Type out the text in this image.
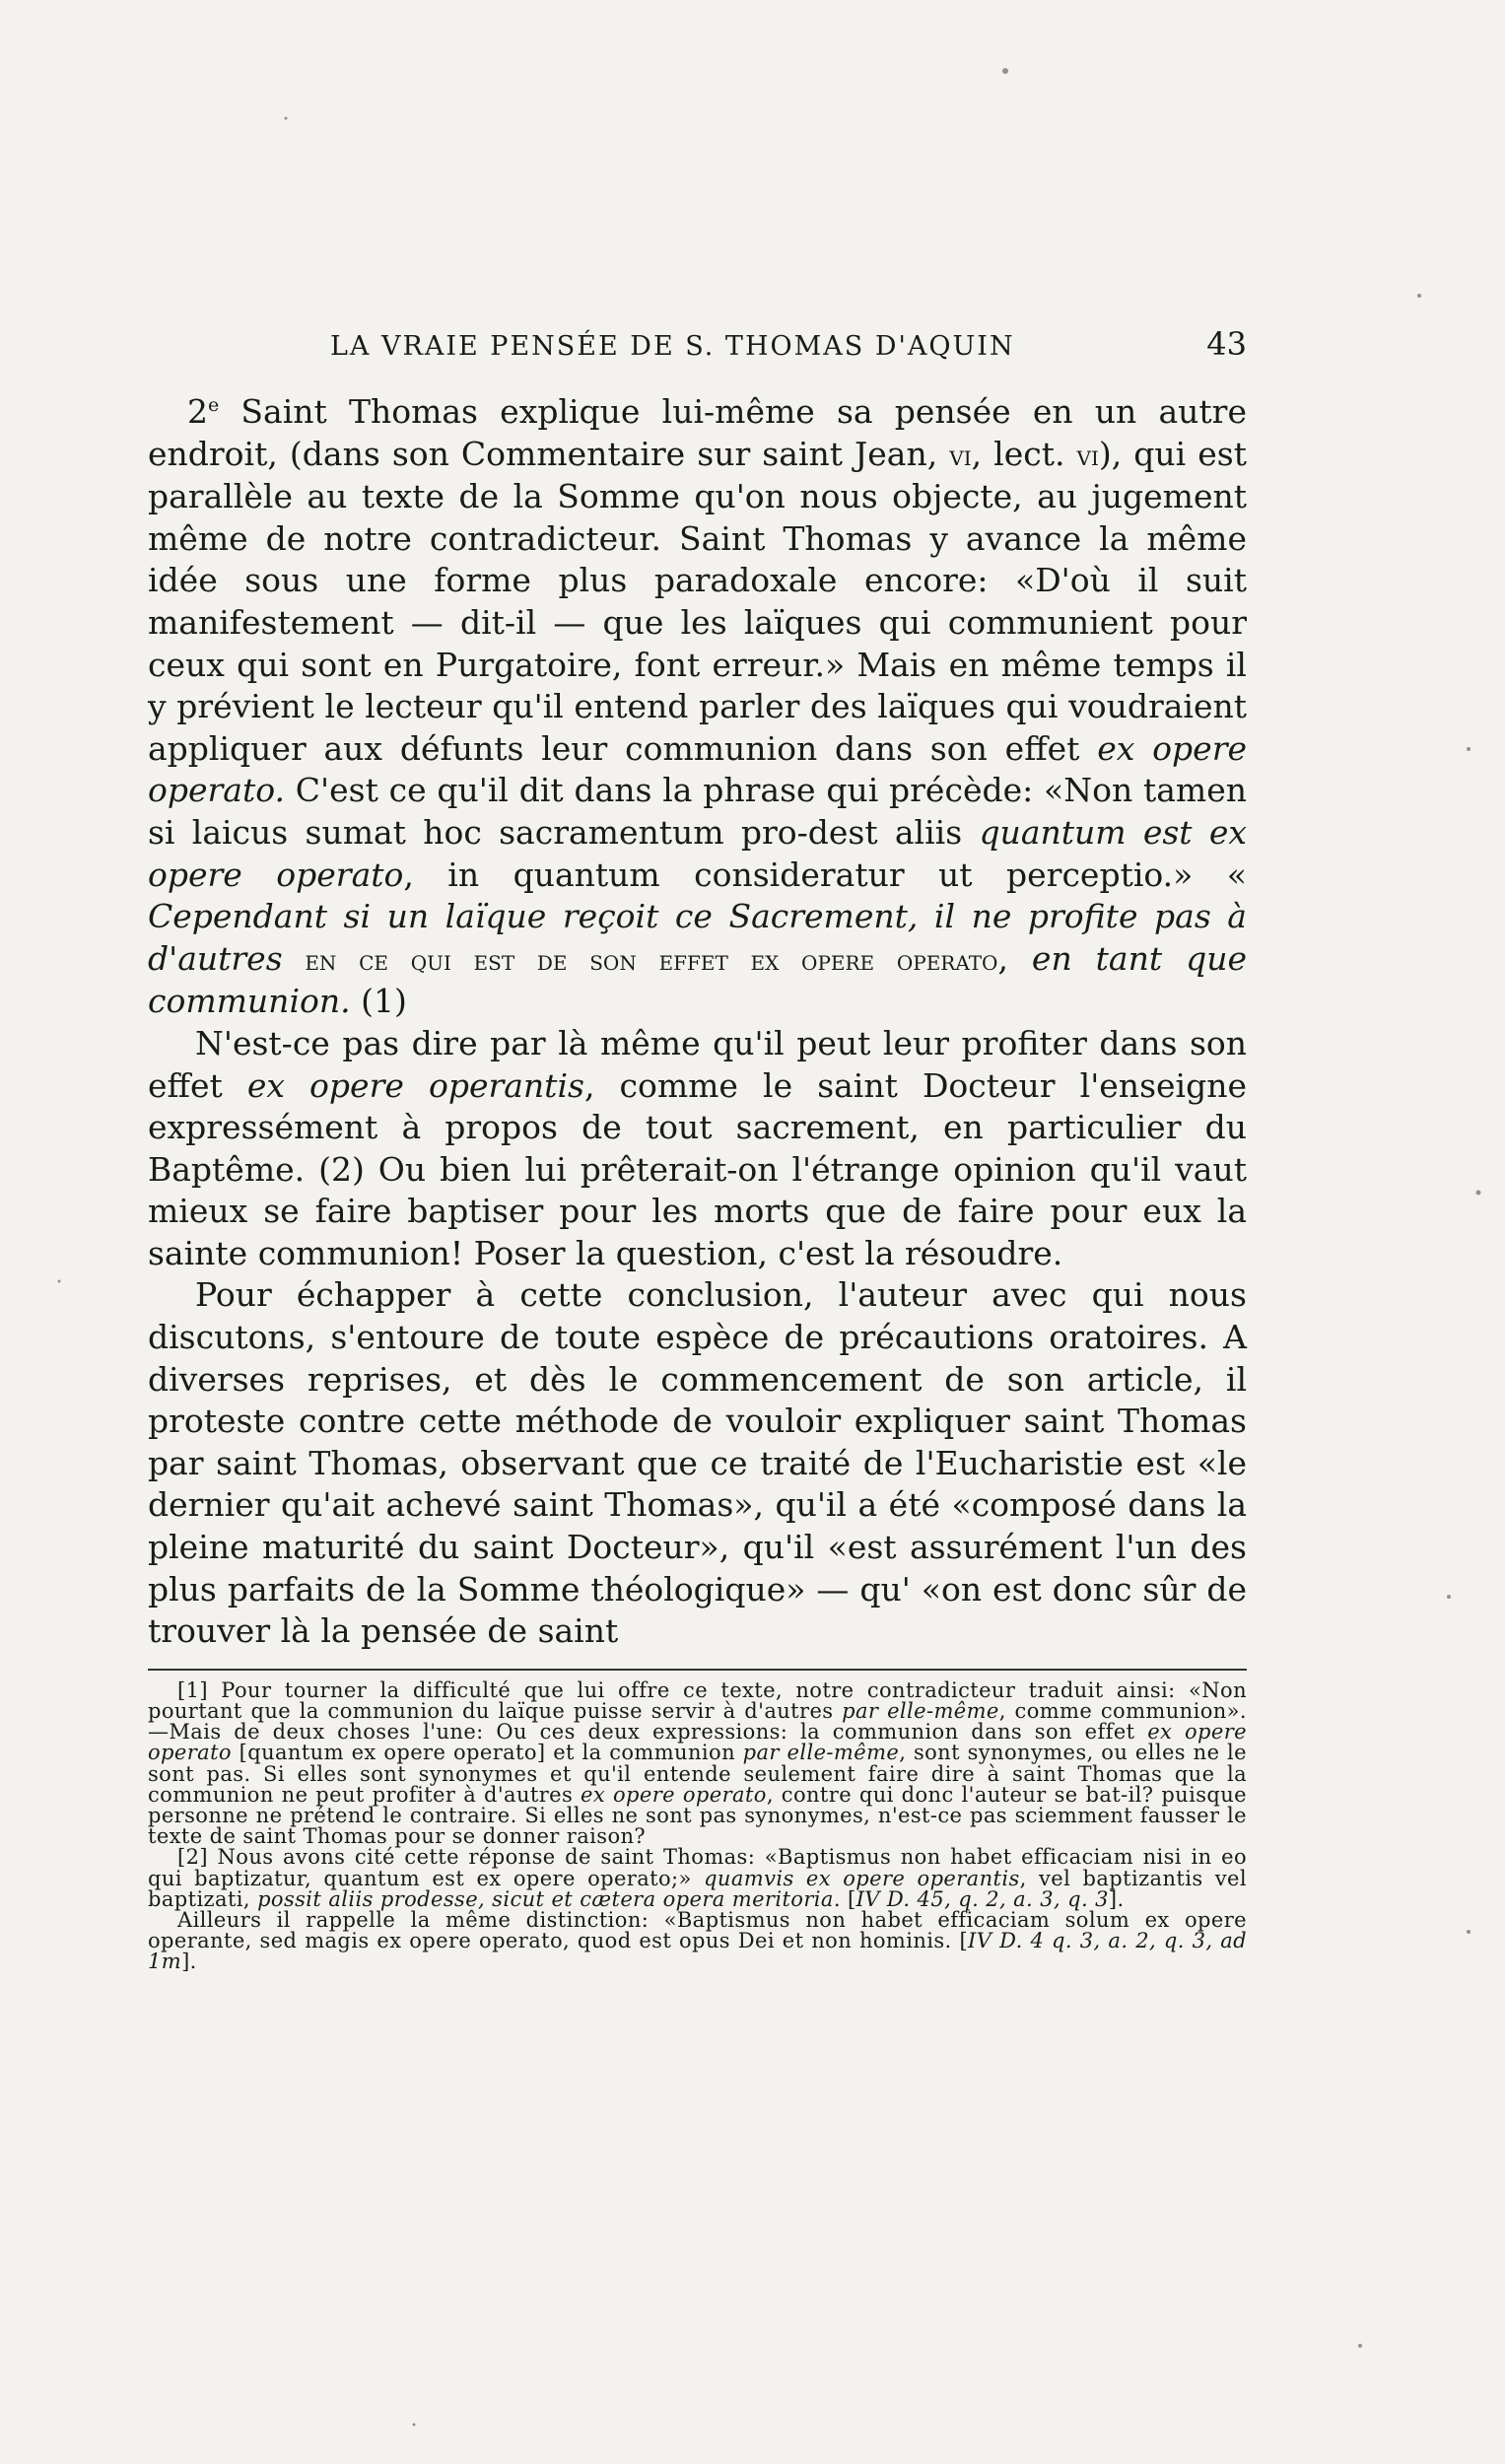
LA VRAIE PENSÉE DE S. THOMAS D'AQUIN	43

2e Saint Thomas explique lui-même sa pensée en un autre endroit, (dans son Commentaire sur saint Jean, vi, lect. vi), qui est parallèle au texte de la Somme qu'on nous objecte, au jugement même de notre contradicteur. Saint Thomas y avance la même idée sous une forme plus paradoxale encore: «D'où il suit manifestement — dit-il — que les laïques qui communient pour ceux qui sont en Purgatoire, font erreur.» Mais en même temps il y prévient le lecteur qu'il entend parler des laïques qui voudraient appliquer aux défunts leur communion dans son effet ex opere operato. C'est ce qu'il dit dans la phrase qui précède: «Non tamen si laicus sumat hoc sacramentum pro-dest aliis quantum est ex opere operato, in quantum consideratur ut perceptio.» « Cependant si un laïque reçoit ce Sacrement, il ne profite pas à d'autres en ce qui est de son effet ex opere operato, en tant que communion. (1)

N'est-ce pas dire par là même qu'il peut leur profiter dans son effet ex opere operantis, comme le saint Docteur l'enseigne expressément à propos de tout sacrement, en particulier du Baptême. (2) Ou bien lui prêterait-on l'étrange opinion qu'il vaut mieux se faire baptiser pour les morts que de faire pour eux la sainte communion! Poser la question, c'est la résoudre.

Pour échapper à cette conclusion, l'auteur avec qui nous discutons, s'entoure de toute espèce de précautions oratoires. A diverses reprises, et dès le commencement de son article, il proteste contre cette méthode de vouloir expliquer saint Thomas par saint Thomas, observant que ce traité de l'Eucharistie est «le dernier qu'ait achevé saint Thomas», qu'il a été «composé dans la pleine maturité du saint Docteur», qu'il «est assurément l'un des plus parfaits de la Somme théologique» — qu' «on est donc sûr de trouver là la pensée de saint

[1] Pour tourner la difficulté que lui offre ce texte, notre contradicteur traduit ainsi: «Non pourtant que la communion du laïque puisse servir à d'autres par elle-même, comme communion».—Mais de deux choses l'une: Ou ces deux expressions: la communion dans son effet ex opere operato [quantum ex opere operato] et la communion par elle-même, sont synonymes, ou elles ne le sont pas. Si elles sont synonymes et qu'il entende seulement faire dire à saint Thomas que la communion ne peut profiter à d'autres ex opere operato, contre qui donc l'auteur se bat-il? puisque personne ne prétend le contraire. Si elles ne sont pas synonymes, n'est-ce pas sciemment fausser le texte de saint Thomas pour se donner raison?

[2] Nous avons cité cette réponse de saint Thomas: «Baptismus non habet efficaciam nisi in eo qui baptizatur, quantum est ex opere operato;» quamvis ex opere operantis, vel baptizantis vel baptizati, possit aliis prodesse, sicut et cætera opera meritoria. [IV D. 45, q. 2, a. 3, q. 3].

Ailleurs il rappelle la même distinction: «Baptismus non habet efficaciam solum ex opere operante, sed magis ex opere operato, quod est opus Dei et non hominis. [IV D. 4 q. 3, a. 2, q. 3, ad 1m].
